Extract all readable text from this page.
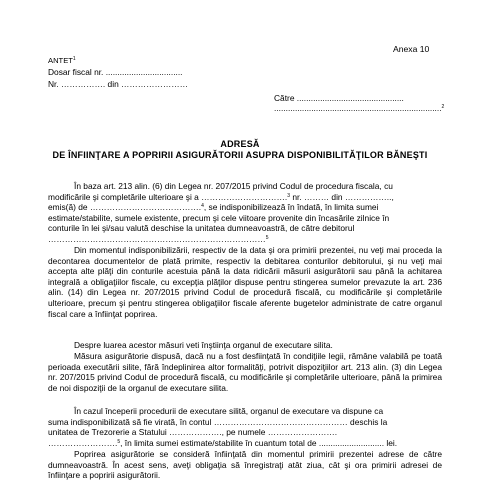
Anexa 10
ANTET$^1$
Dosar fiscal nr. .................................
Nr. ……………. din ……………………
Către ..............................................
........................................................................$^2$
ADRESĂ
DE ÎNFIINŢARE A POPRIRII ASIGURĂTORII ASUPRA DISPONIBILITĂŢILOR BĂNEŞTI
În baza art. 213 alin. (6) din Legea nr. 207/2015 privind Codul de procedura fiscala, cu
modificările şi completările ulterioare şi a ………………………….$^3$ nr. ……… din ……………..,
emis(ă) de ………………………………….$^4$, se indisponibilizează în îndată, în limita sumei
estimate/stabilite, sumele existente, precum şi cele viitoare provenite din încasările zilnice în
conturile în lei şi/sau valută deschise la unitatea dumneavoastră, de către debitorul
……………………………………………………………………$^5$

Din momentul indisponibilizării, respectiv de la data şi ora primirii prezentei, nu veţi mai proceda la decontarea documentelor de plată primite, respectiv la debitarea conturilor debitorului, şi nu veţi mai accepta alte plăţi din conturile acestuia până la data ridicării măsurii asigurătorii sau până la achitarea integrală a obligaţiilor fiscale, cu excepţia plăţilor dispuse pentru stingerea sumelor prevazute la art. 236 alin. (14) din Legea nr. 207/2015 privind Codul de procedură fiscală, cu modificările şi completările ulterioare, precum şi pentru stingerea obligaţiilor fiscale aferente bugetelor administrate de catre organul fiscal care a înfiinţat poprirea.

Despre luarea acestor măsuri veti înştiinţa organul de executare silita.

Măsura asigurătorie dispusă, dacă nu a fost desfiinţată în condiţiile legii, rămâne valabilă pe toată perioada executării silite, fără îndeplinirea altor formalităţi, potrivit dispoziţiilor art. 213 alin. (3) din Legea nr. 207/2015 privind Codul de procedură fiscală, cu modificările şi completările ulterioare, până la primirea de noi dispoziţii de la organul de executare silita.

În cazul începerii procedurii de executare silită, organul de executare va dispune ca
suma indisponibilizată să fie virată, în contul ………………………………………… deschis la
unitatea de Trezorerie a Statului ………………., pe numele …………………….
…………………….$^5$, în limita sumei estimate/stabilite în cuantum total de ............................ lei.

Poprirea asigurătorie se consideră înfiinţată din momentul primirii prezentei adrese de către dumneavoastră. În acest sens, aveţi obligaţia să înregistraţi atât ziua, cât şi ora primirii adresei de înfiinţare a popririi asigurătorii.
